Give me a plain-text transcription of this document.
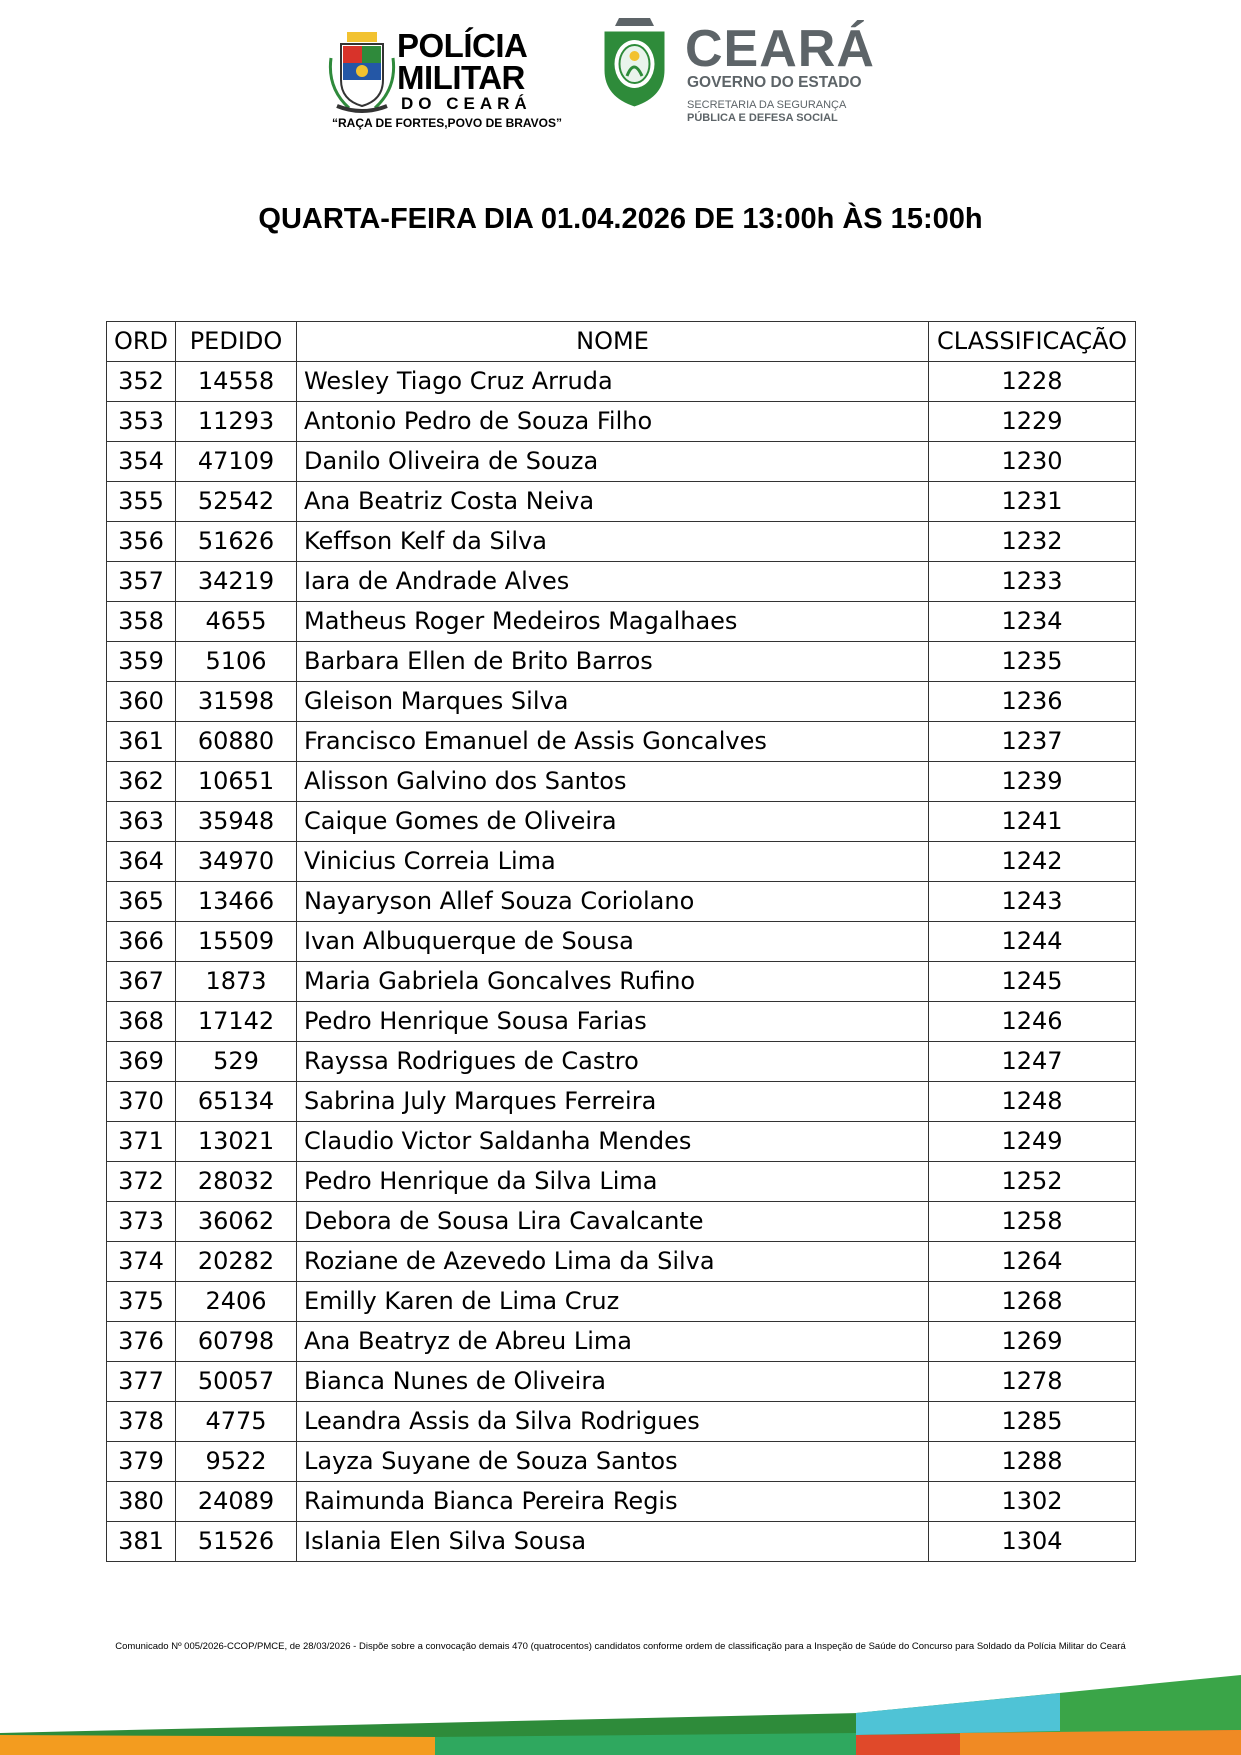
POLÍCIA
MILITAR
DO CEARÁ
“RAÇA DE FORTES,POVO DE BRAVOS”
CEARÁ
GOVERNO DO ESTADO
SECRETARIA DA SEGURANÇA
PÚBLICA E DEFESA SOCIAL
QUARTA-FEIRA DIA 01.04.2026 DE 13:00h ÀS 15:00h
ORD	PEDIDO	NOME	CLASSIFICAÇÃO
352	14558	Wesley Tiago Cruz Arruda	1228
353	11293	Antonio Pedro de Souza Filho	1229
354	47109	Danilo Oliveira de Souza	1230
355	52542	Ana Beatriz Costa Neiva	1231
356	51626	Keffson Kelf da Silva	1232
357	34219	Iara de Andrade Alves	1233
358	4655	Matheus Roger Medeiros Magalhaes	1234
359	5106	Barbara Ellen de Brito Barros	1235
360	31598	Gleison Marques Silva	1236
361	60880	Francisco Emanuel de Assis Goncalves	1237
362	10651	Alisson Galvino dos Santos	1239
363	35948	Caique Gomes de Oliveira	1241
364	34970	Vinicius Correia Lima	1242
365	13466	Nayaryson Allef Souza Coriolano	1243
366	15509	Ivan Albuquerque de Sousa	1244
367	1873	Maria Gabriela Goncalves Rufino	1245
368	17142	Pedro Henrique Sousa Farias	1246
369	529	Rayssa Rodrigues de Castro	1247
370	65134	Sabrina July Marques Ferreira	1248
371	13021	Claudio Victor Saldanha Mendes	1249
372	28032	Pedro Henrique da Silva Lima	1252
373	36062	Debora de Sousa Lira Cavalcante	1258
374	20282	Roziane de Azevedo Lima da Silva	1264
375	2406	Emilly Karen de Lima Cruz	1268
376	60798	Ana Beatryz de Abreu Lima	1269
377	50057	Bianca Nunes de Oliveira	1278
378	4775	Leandra Assis da Silva Rodrigues	1285
379	9522	Layza Suyane de Souza Santos	1288
380	24089	Raimunda Bianca Pereira Regis	1302
381	51526	Islania Elen Silva Sousa	1304
Comunicado Nº 005/2026-CCOP/PMCE, de 28/03/2026 - Dispõe sobre a convocação demais 470 (quatrocentos) candidatos conforme ordem de classificação para a Inspeção de Saúde do Concurso para Soldado da Polícia Militar do Ceará
